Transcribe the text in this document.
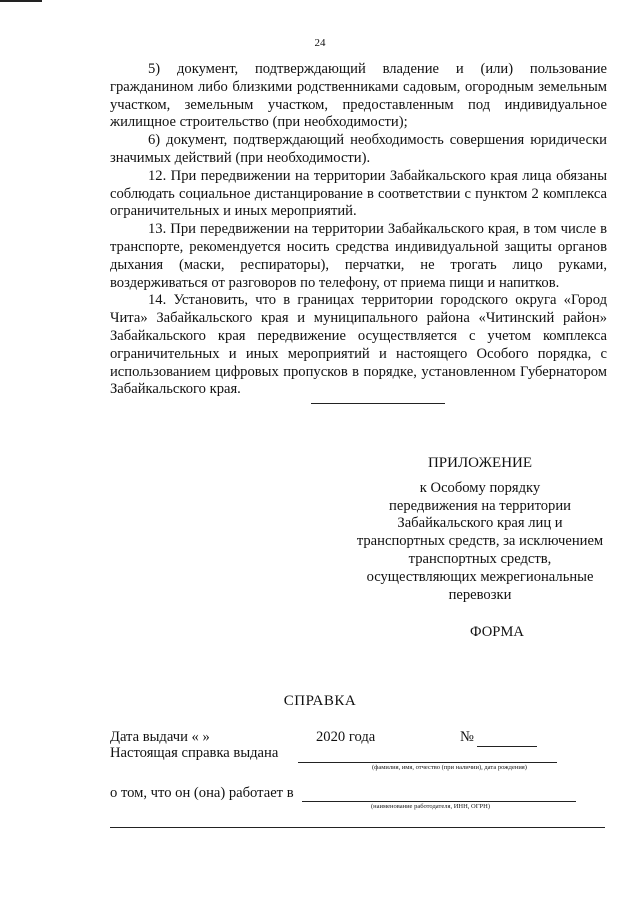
24

5) документ, подтверждающий владение и (или) пользование гражданином либо близкими родственниками садовым, огородным земельным участком, земельным участком, предоставленным под индивидуальное жилищное строительство (при необходимости);

6) документ, подтверждающий необходимость совершения юридически значимых действий (при необходимости).

12. При передвижении на территории Забайкальского края лица обязаны соблюдать социальное дистанцирование в соответствии с пунктом 2 комплекса ограничительных и иных мероприятий.

13. При передвижении на территории Забайкальского края, в том числе в транспорте, рекомендуется носить средства индивидуальной защиты органов дыхания (маски, респираторы), перчатки, не трогать лицо руками, воздерживаться от разговоров по телефону, от приема пищи и напитков.

14. Установить, что в границах территории городского округа «Город Чита» Забайкальского края и муниципального района «Читинский район» Забайкальского края передвижение осуществляется с учетом комплекса ограничительных и иных мероприятий и настоящего Особого порядка, с использованием цифровых пропусков в порядке, установленном Губернатором Забайкальского края.

ПРИЛОЖЕНИЕ
к Особому порядку
передвижения на территории
Забайкальского края лиц и
транспортных средств, за исключением
транспортных средств,
осуществляющих межрегиональные
перевозки
ФОРМА
СПРАВКА
Дата выдачи « »	2020 года	№
Настоящая справка выдана
(фамилия, имя, отчество (при наличии), дата рождения)
о том, что он (она) работает в
(наименование работодателя, ИНН, ОГРН)
